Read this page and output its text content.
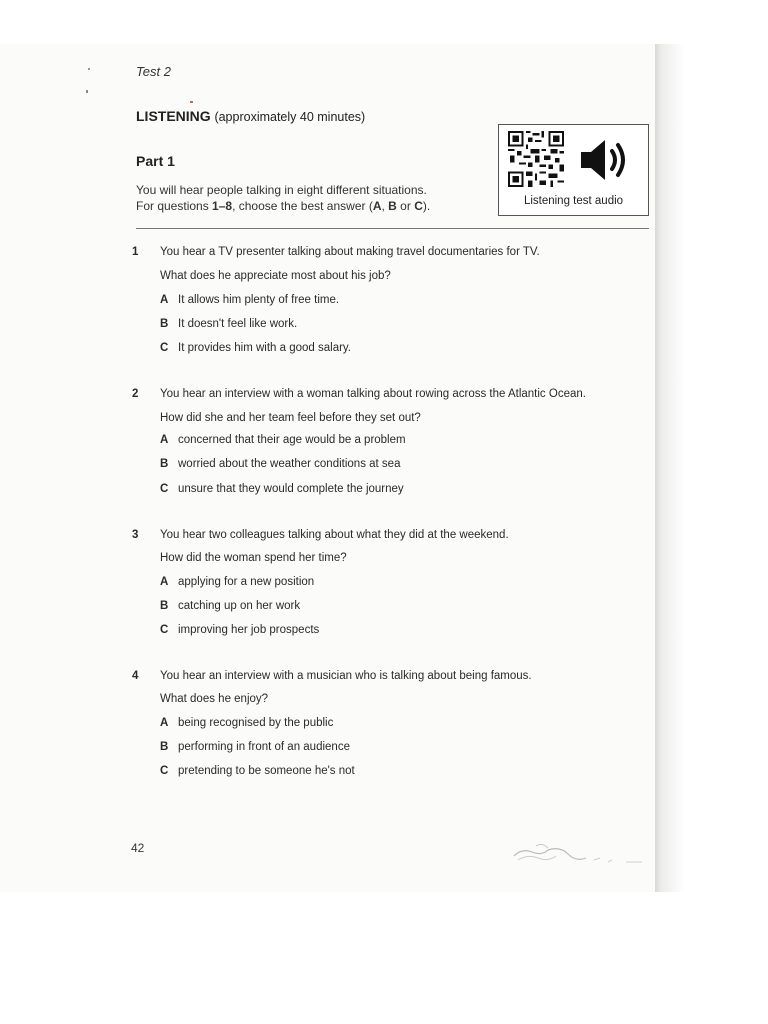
Test 2
LISTENING (approximately 40 minutes)
Part 1
You will hear people talking in eight different situations.
For questions 1–8, choose the best answer (A, B or C).	Listening test audio
1 You hear a TV presenter talking about making travel documentaries for TV.
What does he appreciate most about his job?
A It allows him plenty of free time.
B It doesn't feel like work.
C It provides him with a good salary.
2 You hear an interview with a woman talking about rowing across the Atlantic Ocean.
How did she and her team feel before they set out?
A concerned that their age would be a problem
B worried about the weather conditions at sea
C unsure that they would complete the journey
3 You hear two colleagues talking about what they did at the weekend.
How did the woman spend her time?
A applying for a new position
B catching up on her work
C improving her job prospects
4 You hear an interview with a musician who is talking about being famous.
What does he enjoy?
A being recognised by the public
B performing in front of an audience
C pretending to be someone he's not
42
